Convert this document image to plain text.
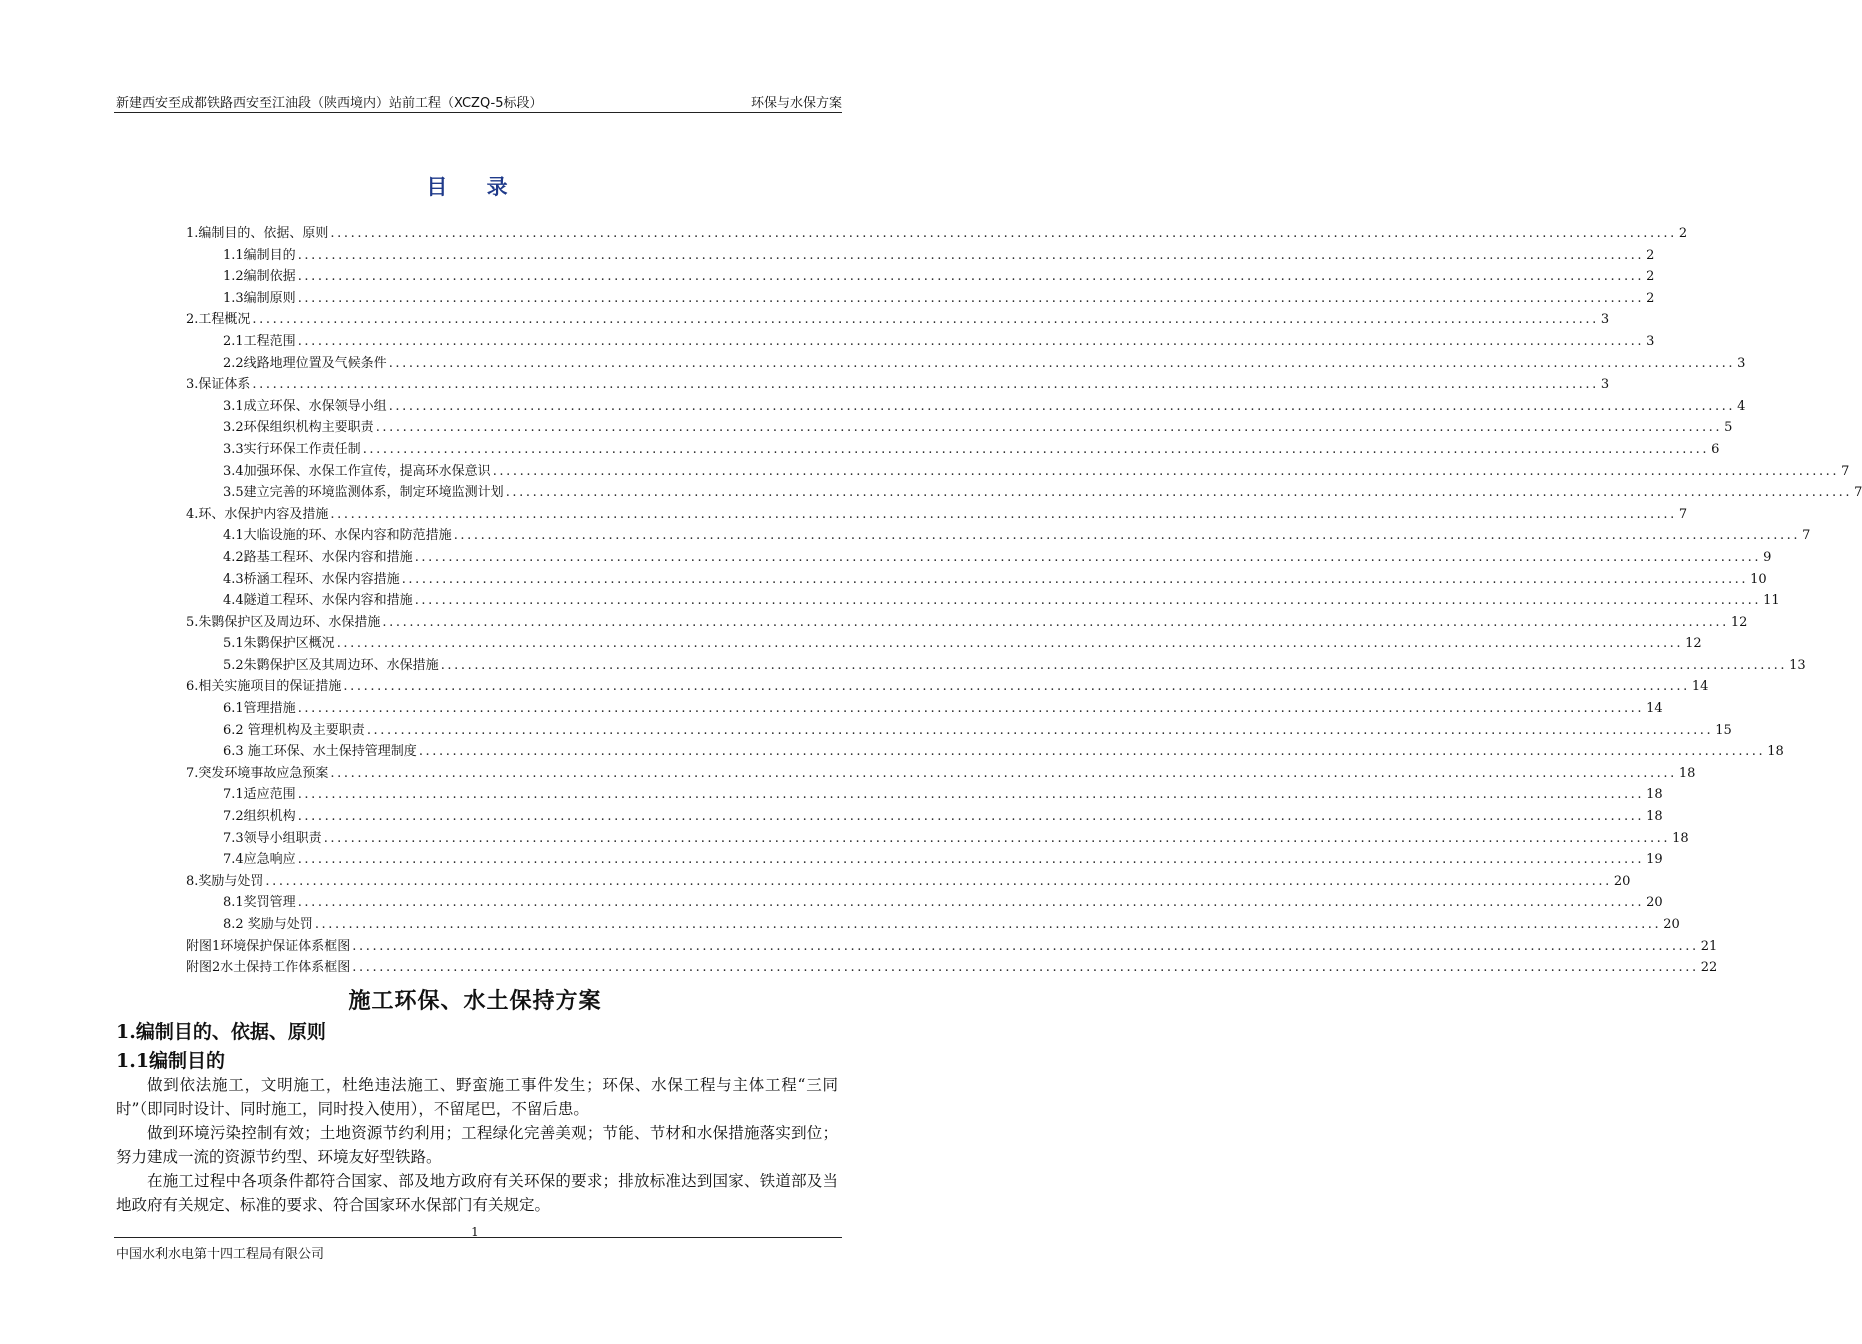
新建西安至成都铁路西安至江油段（陕西境内）站前工程（XCZQ-5标段）	环保与水保方案
目 录
1.编制目的、依据、原则 ........................................................................................................................................................................................................ 2
1.1编制目的 ........................................................................................................................................................................................................ 2
1.2编制依据 ........................................................................................................................................................................................................ 2
1.3编制原则 ........................................................................................................................................................................................................ 2
2.工程概况 ........................................................................................................................................................................................................ 3
2.1工程范围 ........................................................................................................................................................................................................ 3
2.2线路地理位置及气候条件 ........................................................................................................................................................................................................ 3
3.保证体系 ........................................................................................................................................................................................................ 3
3.1成立环保、水保领导小组 ........................................................................................................................................................................................................ 4
3.2环保组织机构主要职责 ........................................................................................................................................................................................................ 5
3.3实行环保工作责任制 ........................................................................................................................................................................................................ 6
3.4加强环保、水保工作宣传，提高环水保意识 ........................................................................................................................................................................................................ 7
3.5建立完善的环境监测体系，制定环境监测计划 ........................................................................................................................................................................................................ 7
4.环、水保护内容及措施 ........................................................................................................................................................................................................ 7
4.1大临设施的环、水保内容和防范措施 ........................................................................................................................................................................................................ 7
4.2路基工程环、水保内容和措施 ........................................................................................................................................................................................................ 9
4.3桥涵工程环、水保内容措施 ........................................................................................................................................................................................................ 10
4.4隧道工程环、水保内容和措施 ........................................................................................................................................................................................................ 11
5.朱鹮保护区及周边环、水保措施 ........................................................................................................................................................................................................ 12
5.1朱鹮保护区概况 ........................................................................................................................................................................................................ 12
5.2朱鹮保护区及其周边环、水保措施 ........................................................................................................................................................................................................ 13
6.相关实施项目的保证措施 ........................................................................................................................................................................................................ 14
6.1管理措施 ........................................................................................................................................................................................................ 14
6.2 管理机构及主要职责 ........................................................................................................................................................................................................ 15
6.3 施工环保、水土保持管理制度 ........................................................................................................................................................................................................ 18
7.突发环境事故应急预案 ........................................................................................................................................................................................................ 18
7.1适应范围 ........................................................................................................................................................................................................ 18
7.2组织机构 ........................................................................................................................................................................................................ 18
7.3领导小组职责 ........................................................................................................................................................................................................ 18
7.4应急响应 ........................................................................................................................................................................................................ 19
8.奖励与处罚 ........................................................................................................................................................................................................ 20
8.1奖罚管理 ........................................................................................................................................................................................................ 20
8.2 奖励与处罚 ........................................................................................................................................................................................................ 20
附图1环境保护保证体系框图 ........................................................................................................................................................................................................ 21
附图2水土保持工作体系框图 ........................................................................................................................................................................................................ 22
施工环保、水土保持方案
1.编制目的、依据、原则
1.1编制目的

做到依法施工，文明施工，杜绝违法施工、野蛮施工事件发生；环保、水保工程与主体工程“三同时”（即同时设计、同时施工，同时投入使用），不留尾巴，不留后患。

做到环境污染控制有效；土地资源节约利用；工程绿化完善美观；节能、节材和水保措施落实到位；努力建成一流的资源节约型、环境友好型铁路。

在施工过程中各项条件都符合国家、部及地方政府有关环保的要求；排放标准达到国家、铁道部及当地政府有关规定、标准的要求、符合国家环水保部门有关规定。

1
中国水利水电第十四工程局有限公司
